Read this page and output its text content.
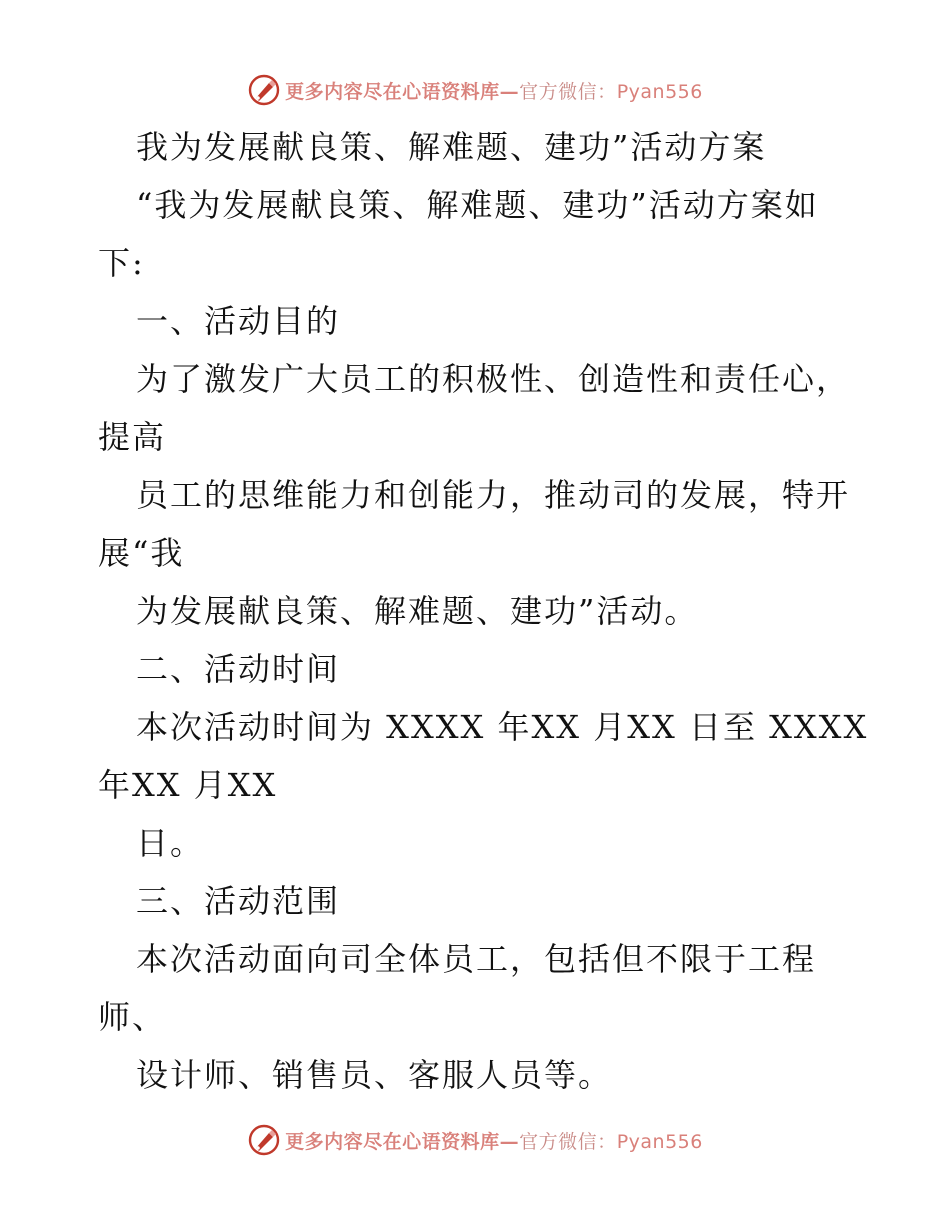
更多内容尽在心语资料库—官方微信：Pyan556
我为发展献良策、解难题、建功”活动方案
“我为发展献良策、解难题、建功”活动方案如
下:
一、活动目的
为了激发广大员工的积极性、创造性和责任心，
提高
员工的思维能力和创能力，推动司的发展，特开
展“我
为发展献良策、解难题、建功”活动。
二、活动时间
本次活动时间为 XXXX 年XX 月XX 日至 XXXX
年XX 月XX
日。
三、活动范围
本次活动面向司全体员工，包括但不限于工程
师、
设计师、销售员、客服人员等。
更多内容尽在心语资料库—官方微信：Pyan556
